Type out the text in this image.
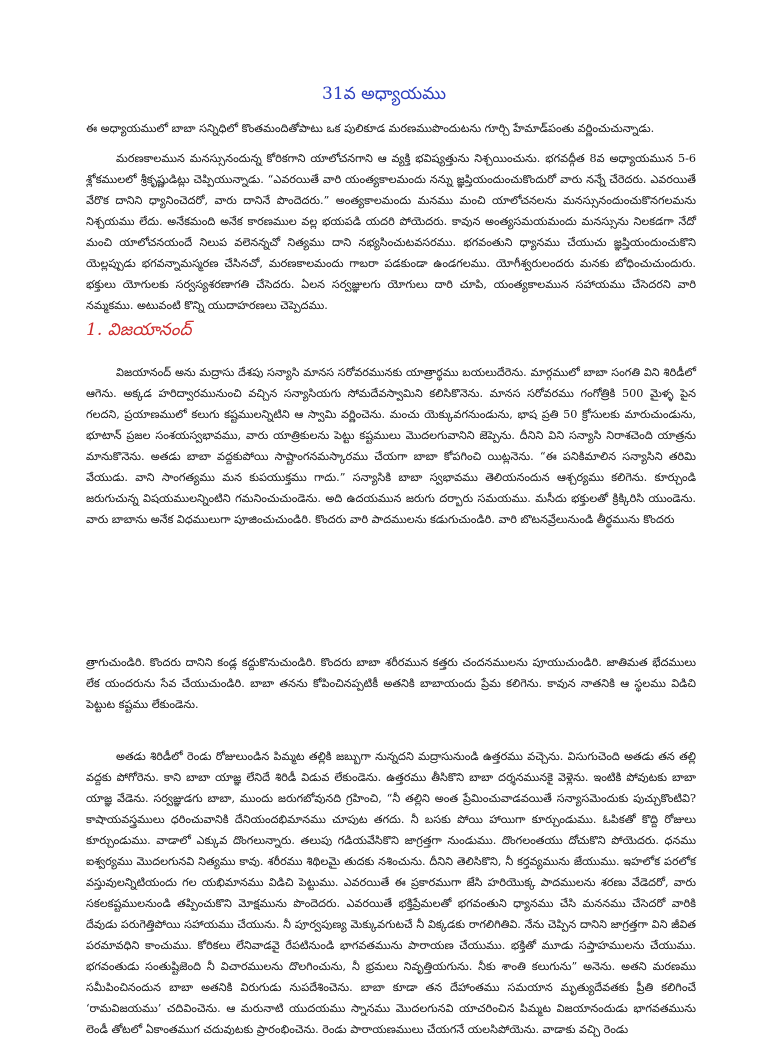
31వ అధ్యాయము

ఈ అధ్యాయములో బాబా సన్నిధిలో కొంతమందితోపాటు ఒక పులికూడ మరణముపొందుటను గూర్చి హేమాడ్‌పంతు వర్ణించుచున్నాడు.

మరణకాలమున మనస్సునందున్న కోరికగాని యాలోచనగాని ఆ వ్యక్తి భవిష్యత్తును నిశ్చయించును. భగవద్గీత 8వ అధ్యాయమున 5-6 శ్లోకములలో శ్రీకృష్ణుడిట్లు చెప్పియున్నాడు. “ఎవరయితే వారి యంత్యకాలమందు నన్ను జ్ఞప్తియందుంచుకొందురో వారు నన్నే చేరెదరు. ఎవరయితే వేరొక దానిని ధ్యానించెదరో, వారు దానినే పొందెదరు.” అంత్యకాలమందు మనము మంచి యాలోచనలను మనస్సునందుంచుకొనగలమను నిశ్చయము లేదు. అనేకమంది అనేక కారణముల వల్ల భయపడి యదరి పోయెదరు. కావున అంత్యసమయమందు మనస్సును నిలకడగా నేదో మంచి యాలోచనయందే నిలుప వలెనన్నచో నిత్యము దాని నభ్యసించుటవసరము. భగవంతుని ధ్యానము చేయుచు జ్ఞప్తియందుంచుకొని యెల్లప్పుడు భగవన్నామస్మరణ చేసినచో, మరణకాలమందు గాబరా పడకుండా ఉండగలము. యోగీశ్వరులందరు మనకు బోధించుచుందురు. భక్తులు యోగులకు సర్వస్యశరణాగతి చేసెదరు. ఏలన సర్వజ్ఞులగు యోగులు దారి చూపి, యంత్యకాలమున సహాయము చేసెదరని వారి నమ్మకము. అటువంటి కొన్ని యుదాహరణలు చెప్పెదము.

1. విజయానంద్

విజయానంద్ అను మద్రాసు దేశపు సన్యాసి మానస సరోవరమునకు యాత్రార్థము బయలుదేరెను. మార్గములో బాబా సంగతి విని శిరిడీలో ఆగెను. అక్కడ హరిద్వారమునుంచి వచ్చిన సన్యాసియగు సోమదేవస్వామిని కలిసికొనెను. మానస సరోవరము గంగోత్రికి 500 మైళ్ళ పైన గలదని, ప్రయాణములో కలుగు కష్టములన్నిటిని ఆ స్వామి వర్ణించెను. మంచు యెక్కువగనుండును, భాష ప్రతి 50 క్రోసులకు మారుచుండును, భూటాన్ ప్రజల సంశయస్వభావము, వారు యాత్రికులను పెట్టు కష్టములు మొదలగువానిని జెప్పెను. దీనిని విని సన్యాసి నిరాశచెంది యాత్రను మానుకొనెను. అతడు బాబా వద్దకుపోయి సాష్టాంగనమస్కారము చేయగా బాబా కోపగించి యిట్లనెను. “ఈ పనికిమాలిన సన్యాసిని తరిమి వేయుడు. వాని సాంగత్యము మన కుపయుక్తము గాదు.” సన్యాసికి బాబా స్వభావము తెలియనందున ఆశ్చర్యము కలిగెను. కూర్చుండి జరుగుచున్న విషయములన్నింటిని గమనించుచుండెను. అది ఉదయమున జరుగు దర్బారు సమయము. మసీదు భక్తులతో క్రిక్కిరిసి యుండెను. వారు బాబాను అనేక విధములుగా పూజించుచుండిరి. కొందరు వారి పాదములను కడుగుచుండిరి. వారి బొటనవ్రేలునుండి తీర్థమును కొందరు

త్రాగుచుండిరి. కొందరు దానిని కండ్ల కద్దుకొనుచుండిరి. కొందరు బాబా శరీరమున కత్తరు చందనములను పూయుచుండిరి. జాతిమత భేదములు లేక యందరును సేవ చేయుచుండిరి. బాబా తనను కోపించినప్పటికీ అతనికి బాబాయందు ప్రేమ కలిగెను. కావున నాతనికి ఆ స్థలము విడిచి పెట్టుట కష్టము లేకుండెను.

అతడు శిరిడీలో రెండు రోజులుండిన పిమ్మట తల్లికి జబ్బుగా నున్నదని మద్రాసునుండి ఉత్తరము వచ్చెను. విసుగుచెంది అతడు తన తల్లి వద్దకు పోగోరెను. కాని బాబా యాజ్ఞ లేనిదే శిరిడీ విడువ లేకుండెను. ఉత్తరము తీసికొని బాబా దర్శనమునకై వెళ్లెను. ఇంటికి పోవుటకు బాబా యాజ్ఞ వేడెను. సర్వజ్ఞుడగు బాబా, ముందు జరుగబోవునది గ్రహించి, “నీ తల్లిని అంత ప్రేమించువాడవయితే సన్యాసమెందుకు పుచ్చుకొంటివి? కాషాయవస్త్రములు ధరించువానికి దేనియందభిమానము చూపుట తగదు. నీ బసకు పోయి హాయిగా కూర్చుండుము. ఓపికతో కొద్ది రోజులు కూర్చుండుము. వాడాలో ఎక్కువ దొంగలున్నారు. తలుపు గడియవేసికొని జాగ్రత్తగా నుండుము. దొంగలంతయు దోచుకొని పోయెదరు. ధనము ఐశ్వర్యము మొదలగునవి నిత్యము కావు. శరీరము శిథిలమై తుదకు నశించును. దీనిని తెలిసికొని, నీ కర్తవ్యమును జేయుము. ఇహలోక పరలోక వస్తువులన్నిటియందు గల యభిమానము విడిచి పెట్టుము. ఎవరయితే ఈ ప్రకారముగా జేసి హరియొక్క పాదములను శరణు వేడెదరో, వారు సకలకష్టములనుండి తప్పించుకొని మోక్షమును పొందెదరు. ఎవరయితే భక్తిప్రేమలతో భగవంతుని ధ్యానము చేసి మననము చేసెదరో వారికి దేవుడు పరుగెత్తిపోయి సహాయము చేయును. నీ పూర్వపుణ్య మెక్కువగుటచే నీ విక్కడకు రాగలిగితివి. నేను చెప్పిన దానిని జాగ్రత్తగా విని జీవిత పరమావధిని కాంచుము. కోరికలు లేనివాడవై రేపటినుండి భాగవతమును పారాయణ చేయుము. భక్తితో మూడు సప్తాహములను చేయుము. భగవంతుడు సంతుష్టిజెంది నీ విచారములను దొలగించును, నీ భ్రమలు నివృత్తియగును. నీకు శాంతి కలుగును” అనెను. అతని మరణము సమీపించినందున బాబా అతనికి విరుగుడు నుపదేశించెను. బాబా కూడా తన దేహాంతము సమయాన మృత్యుదేవతకు ప్రీతి కలిగించే ‘రామవిజయము’ చదివించెను. ఆ మరునాటి యుదయము స్నానము మొదలగునవి యాచరించిన పిమ్మట విజయానందుడు భాగవతమును లెండీ తోటలో ఏకాంతముగ చదువుటకు ప్రారంభించెను. రెండు పారాయణములు చేయగనే యలసిపోయెను. వాడాకు వచ్చి రెండు
